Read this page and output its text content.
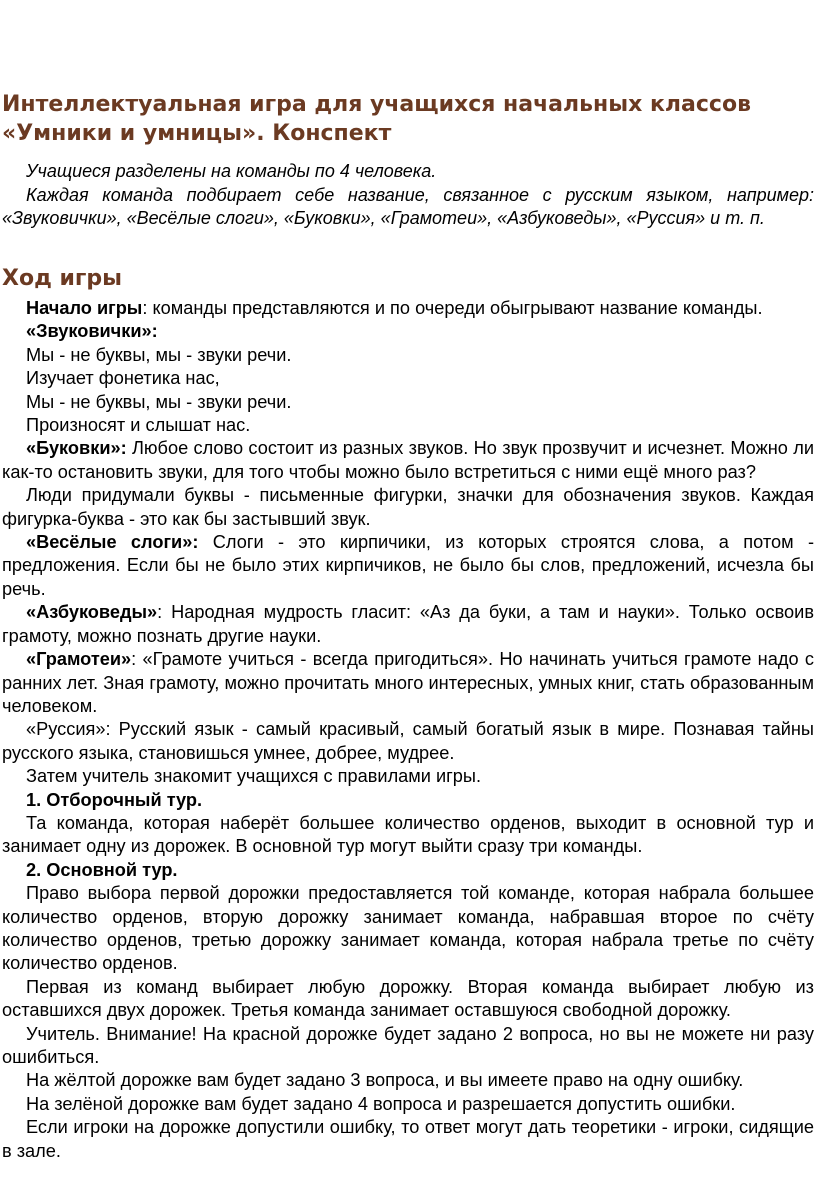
Интеллектуальная игра для учащихся начальных классов «Умники и умницы». Конспект

Учащиеся разделены на команды по 4 человека.

Каждая команда подбирает себе название, связанное с русским языком, например: «Звуковички», «Весёлые слоги», «Буковки», «Грамотеи», «Азбуковеды», «Руссия» и т. п.

Ход игры

Начало игры: команды представляются и по очереди обыгрывают название команды.

«Звуковички»:

Мы - не буквы, мы - звуки речи.

Изучает фонетика нас,

Мы - не буквы, мы - звуки речи.

Произносят и слышат нас.

«Буковки»: Любое слово состоит из разных звуков. Но звук прозвучит и исчезнет. Можно ли как-то остановить звуки, для того чтобы можно было встретиться с ними ещё много раз?

Люди придумали буквы - письменные фигурки, значки для обозначения звуков. Каждая фигурка-буква - это как бы застывший звук.

«Весёлые слоги»: Слоги - это кирпичики, из которых строятся слова, а потом - предложения. Если бы не было этих кирпичиков, не было бы слов, предложений, исчезла бы речь.

«Азбуковеды»: Народная мудрость гласит: «Аз да буки, а там и науки». Только освоив грамоту, можно познать другие науки.

«Грамотеи»: «Грамоте учиться - всегда пригодиться». Но начинать учиться грамоте надо с ранних лет. Зная грамоту, можно прочитать много интересных, умных книг, стать образованным человеком.

«Руссия»: Русский язык - самый красивый, самый богатый язык в мире. Познавая тайны русского языка, становишься умнее, добрее, мудрее.

Затем учитель знакомит учащихся с правилами игры.

1. Отборочный тур.

Та команда, которая наберёт большее количество орденов, выходит в основной тур и занимает одну из дорожек. В основной тур могут выйти сразу три команды.

2. Основной тур.

Право выбора первой дорожки предоставляется той команде, которая набрала большее количество орденов, вторую дорожку занимает команда, набравшая второе по счёту количество орденов, третью дорожку занимает команда, которая набрала третье по счёту количество орденов.

Первая из команд выбирает любую дорожку. Вторая команда выбирает любую из оставшихся двух дорожек. Третья команда занимает оставшуюся свободной дорожку.

Учитель. Внимание! На красной дорожке будет задано 2 вопроса, но вы не можете ни разу ошибиться.

На жёлтой дорожке вам будет задано 3 вопроса, и вы имеете право на одну ошибку.

На зелёной дорожке вам будет задано 4 вопроса и разрешается допустить ошибки.

Если игроки на дорожке допустили ошибку, то ответ могут дать теоретики - игроки, сидящие в зале.
